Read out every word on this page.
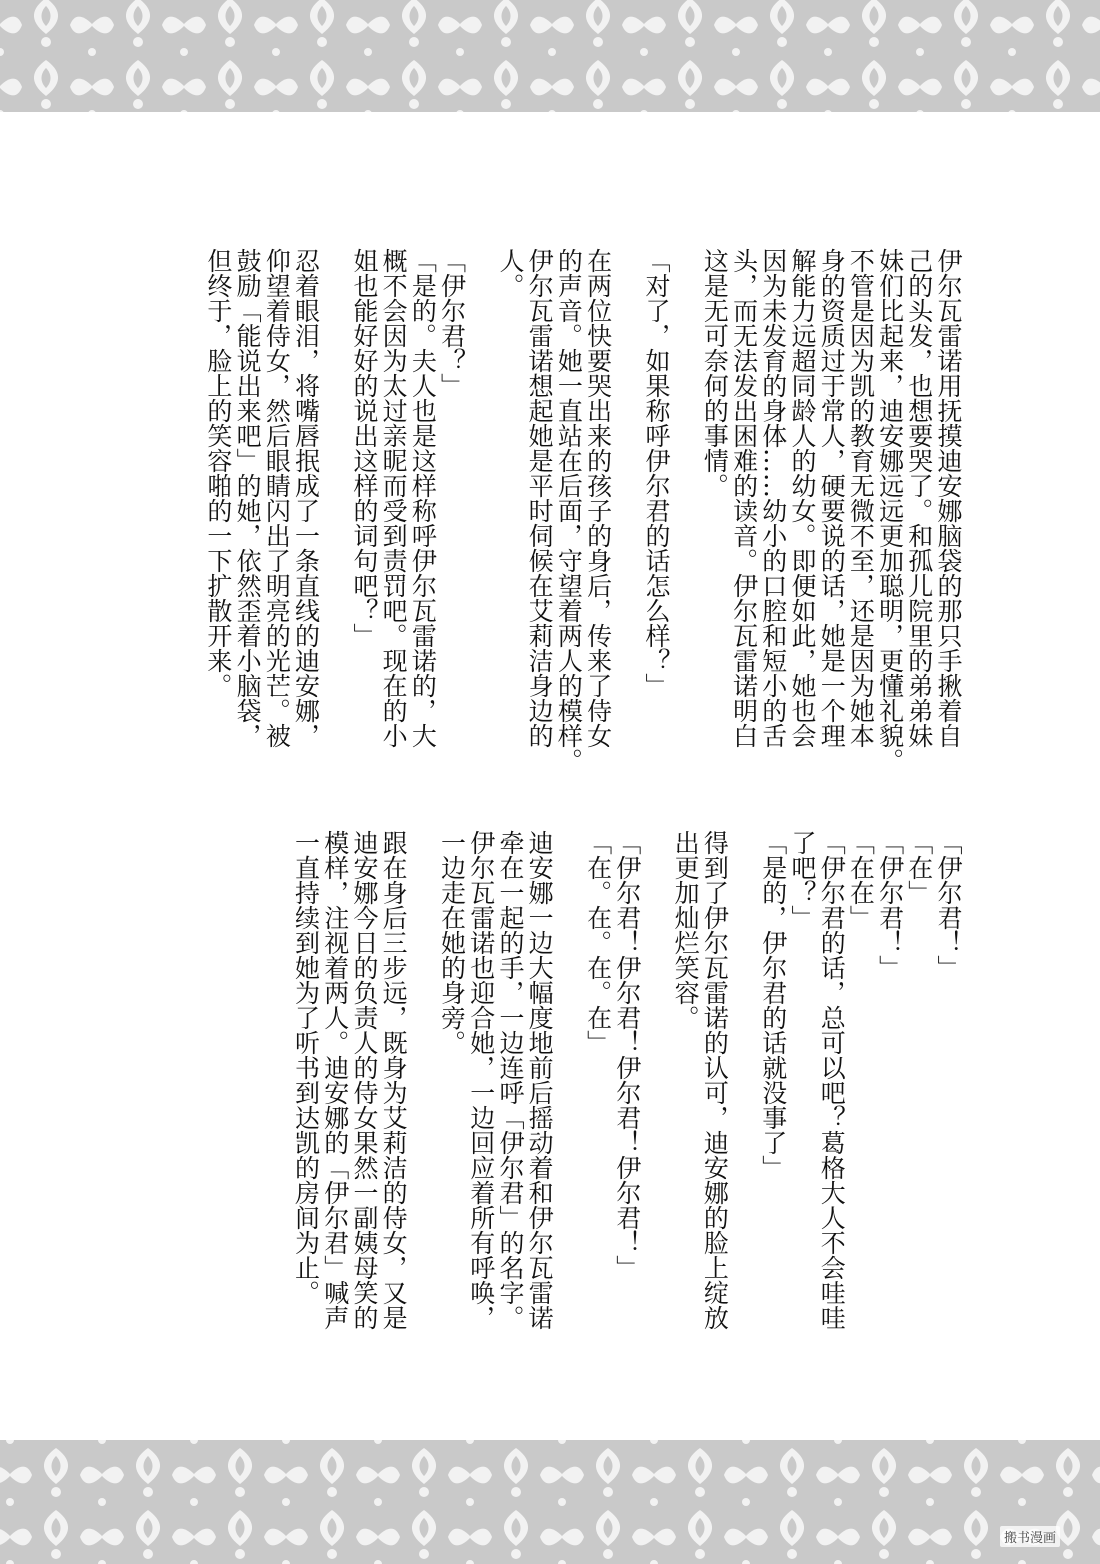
伊尔瓦雷诺用抚摸迪安娜脑袋的那只手揪着自
己的头发，也想要哭了。和孤儿院里的弟弟妹
妹们比起来，迪安娜远远更加聪明，更懂礼貌。
不管是因为凯的教育无微不至，还是因为她本
身的资质过于常人，硬要说的话，她是一个理
解能力远超同龄人的幼女。即便如此，她也会
因为未发育的身体……幼小的口腔和短小的舌
头，而无法发出困难的读音。伊尔瓦雷诺明白
这是无可奈何的事情。

「对了，如果称呼伊尔君的话怎么样？」

在两位快要哭出来的孩子的身后，传来了侍女
的声音。她一直站在后面，守望着两人的模样。
伊尔瓦雷诺想起她是平时伺候在艾莉洁身边的
人。

「伊尔君？」
「是的。夫人也是这样称呼伊尔瓦雷诺的，大
概不会因为太过亲昵而受到责罚吧。现在的小
姐也能好好的说出这样的词句吧？」

忍着眼泪，将嘴唇抿成了一条直线的迪安娜，
仰望着侍女，然后眼睛闪出了明亮的光芒。被
鼓励「能说出来吧」的她，依然歪着小脑袋，
但终于，脸上的笑容啪的一下扩散开来。
「伊尔君！」
「在」
「伊尔君！」
「在在」
「伊尔君的话，总可以吧？葛格大人不会哇哇
了吧？」
「是的，伊尔君的话就没事了」

得到了伊尔瓦雷诺的认可，迪安娜的脸上绽放
出更加灿烂笑容。

「伊尔君！伊尔君！伊尔君！伊尔君！」
「在。在。在。在」

迪安娜一边大幅度地前后摇动着和伊尔瓦雷诺
牵在一起的手，一边连呼「伊尔君」的名字。
伊尔瓦雷诺也迎合她，一边回应着所有呼唤，
一边走在她的身旁。

跟在身后三步远，既身为艾莉洁的侍女，又是
迪安娜今日的负责人的侍女果然一副姨母笑的
模样，注视着两人。迪安娜的「伊尔君」喊声
一直持续到她为了听书到达凯的房间为止。
搬书漫画
